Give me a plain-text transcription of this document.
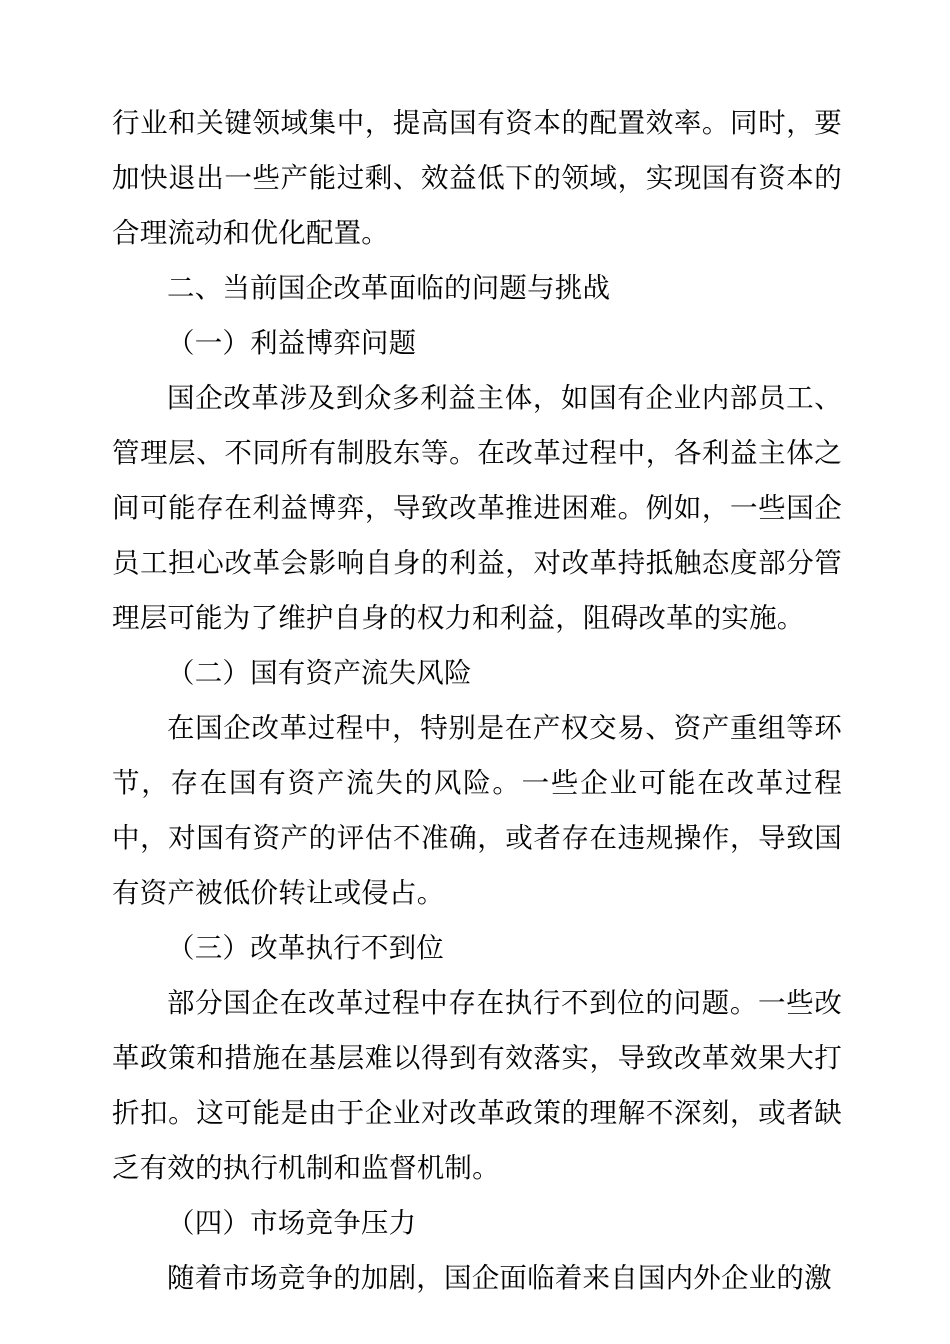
行业和关键领域集中，提高国有资本的配置效率。同时，要加快退出一些产能过剩、效益低下的领域，实现国有资本的合理流动和优化配置。

二、当前国企改革面临的问题与挑战

（一）利益博弈问题

国企改革涉及到众多利益主体，如国有企业内部员工、管理层、不同所有制股东等。在改革过程中，各利益主体之间可能存在利益博弈，导致改革推进困难。例如，一些国企员工担心改革会影响自身的利益，对改革持抵触态度部分管理层可能为了维护自身的权力和利益，阻碍改革的实施。

（二）国有资产流失风险

在国企改革过程中，特别是在产权交易、资产重组等环节，存在国有资产流失的风险。一些企业可能在改革过程中，对国有资产的评估不准确，或者存在违规操作，导致国有资产被低价转让或侵占。

（三）改革执行不到位

部分国企在改革过程中存在执行不到位的问题。一些改革政策和措施在基层难以得到有效落实，导致改革效果大打折扣。这可能是由于企业对改革政策的理解不深刻，或者缺乏有效的执行机制和监督机制。

（四）市场竞争压力

随着市场竞争的加剧，国企面临着来自国内外企业的激
